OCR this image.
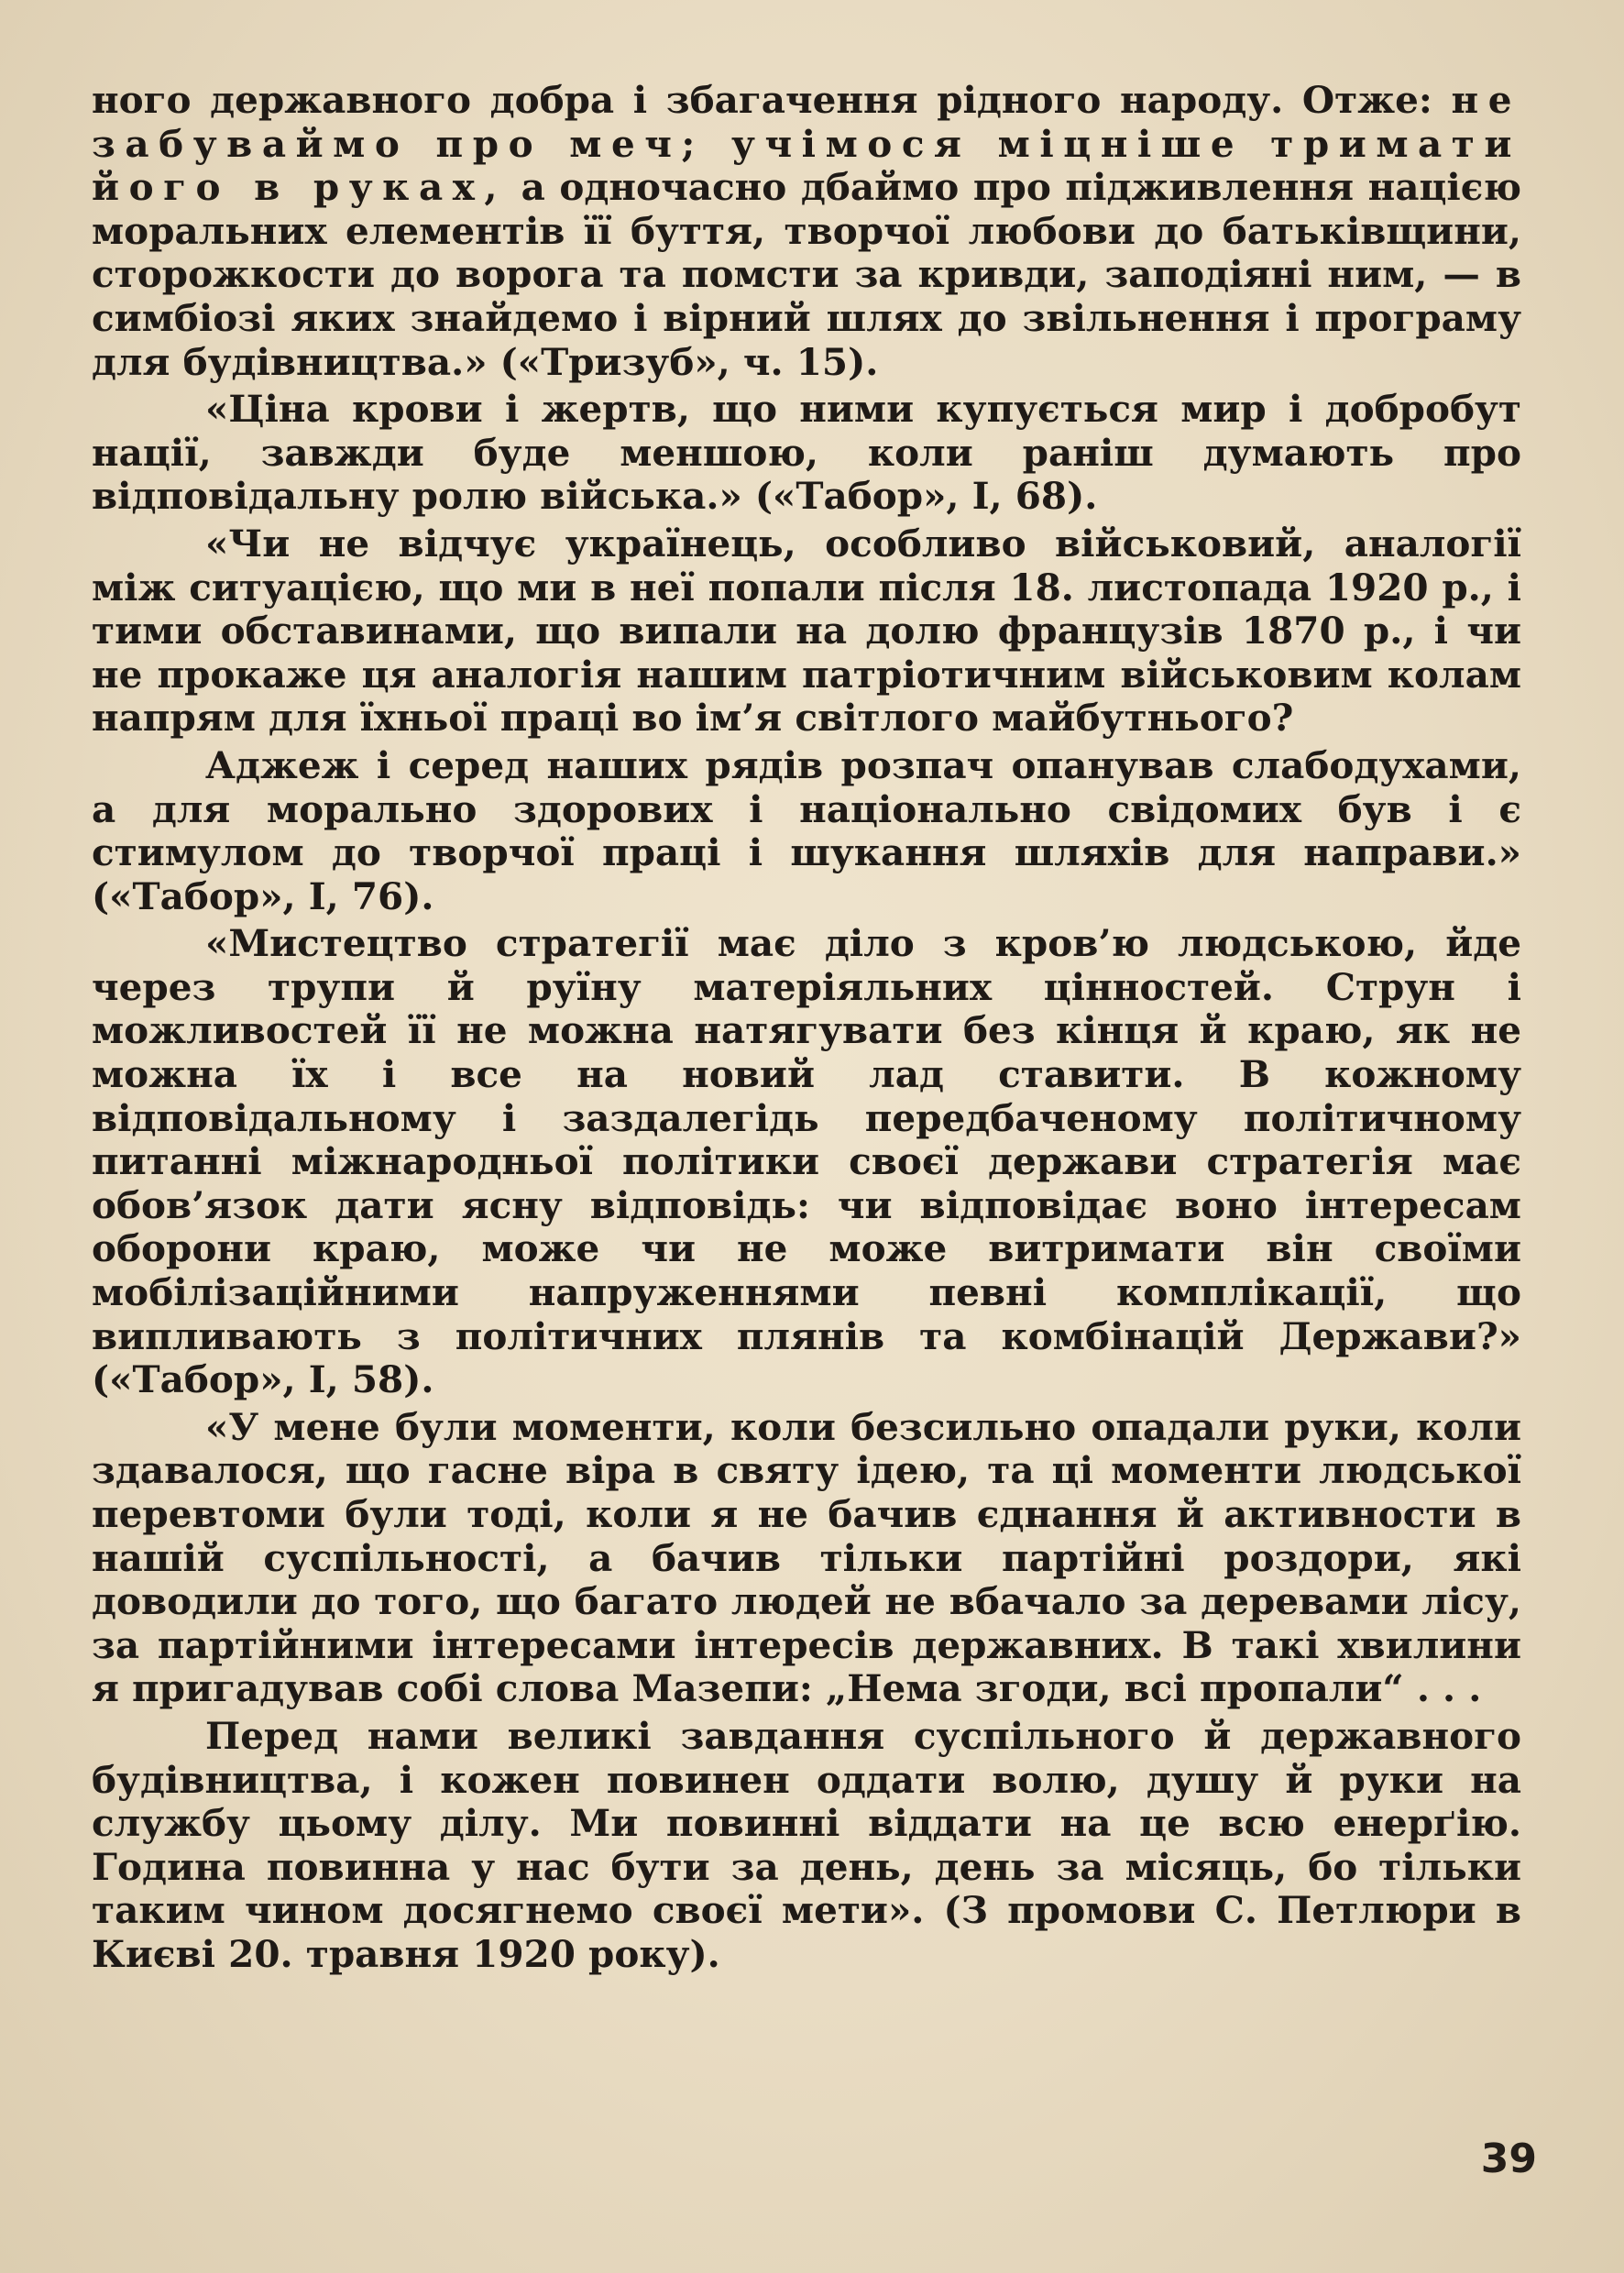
ного державного добра і збагачення рідного народу. Отже: не забуваймо про меч; учімося міцніше тримати його в руках, а одночасно дбаймо про підживлення нацією моральних елементів її буття, творчої любови до батьківщини, сторожкости до ворога та помсти за кривди, заподіяні ним, — в симбіозі яких знайдемо і вірний шлях до звільнення і програму для будівництва.» («Тризуб», ч. 15).

«Ціна крови і жертв, що ними купується мир і добробут нації, завжди буде меншою, коли раніш думають про відповідальну ролю війська.» («Табор», І, 68).

«Чи не відчує українець, особливо військовий, аналогії між ситуацією, що ми в неї попали після 18. листопада 1920 р., і тими обставинами, що випали на долю французів 1870 р., і чи не прокаже ця аналогія нашим патріотичним військовим колам напрям для їхньої праці во ім’я світлого майбутнього?

Аджеж і серед наших рядів розпач опанував слабодухами, а для морально здорових і національно свідомих був і є стимулом до творчої праці і шукання шляхів для направи.» («Табор», І, 76).

«Мистецтво стратегії має діло з кров’ю людською, йде через трупи й руїну матеріяльних цінностей. Струн і можливостей її не можна натягувати без кінця й краю, як не можна їх і все на новий лад ставити. В кожному відповідальному і заздалегідь передбаченому політичному питанні міжнародньої політики своєї держави стратегія має обов’язок дати ясну відповідь: чи відповідає воно інтересам оборони краю, може чи не може витримати він своїми мобілізаційними напруженнями певні комплікації, що випливають з політичних плянів та комбінацій Держави?» («Табор», І, 58).

«У мене були моменти, коли безсильно опадали руки, коли здавалося, що гасне віра в святу ідею, та ці моменти людської перевтоми були тоді, коли я не бачив єднання й активности в нашій суспільності, а бачив тільки партійні роздори, які доводили до того, що багато людей не вбачало за деревами лісу, за партійними інтересами інтересів державних. В такі хвилини я пригадував собі слова Мазепи: „Нема згоди, всі пропали“ . . .

Перед нами великі завдання суспільного й державного будівництва, і кожен повинен оддати волю, душу й руки на службу цьому ділу. Ми повинні віддати на це всю енерґію. Година повинна у нас бути за день, день за місяць, бо тільки таким чином досягнемо своєї мети». (З промови С. Петлюри в Києві 20. травня 1920 року).

39
